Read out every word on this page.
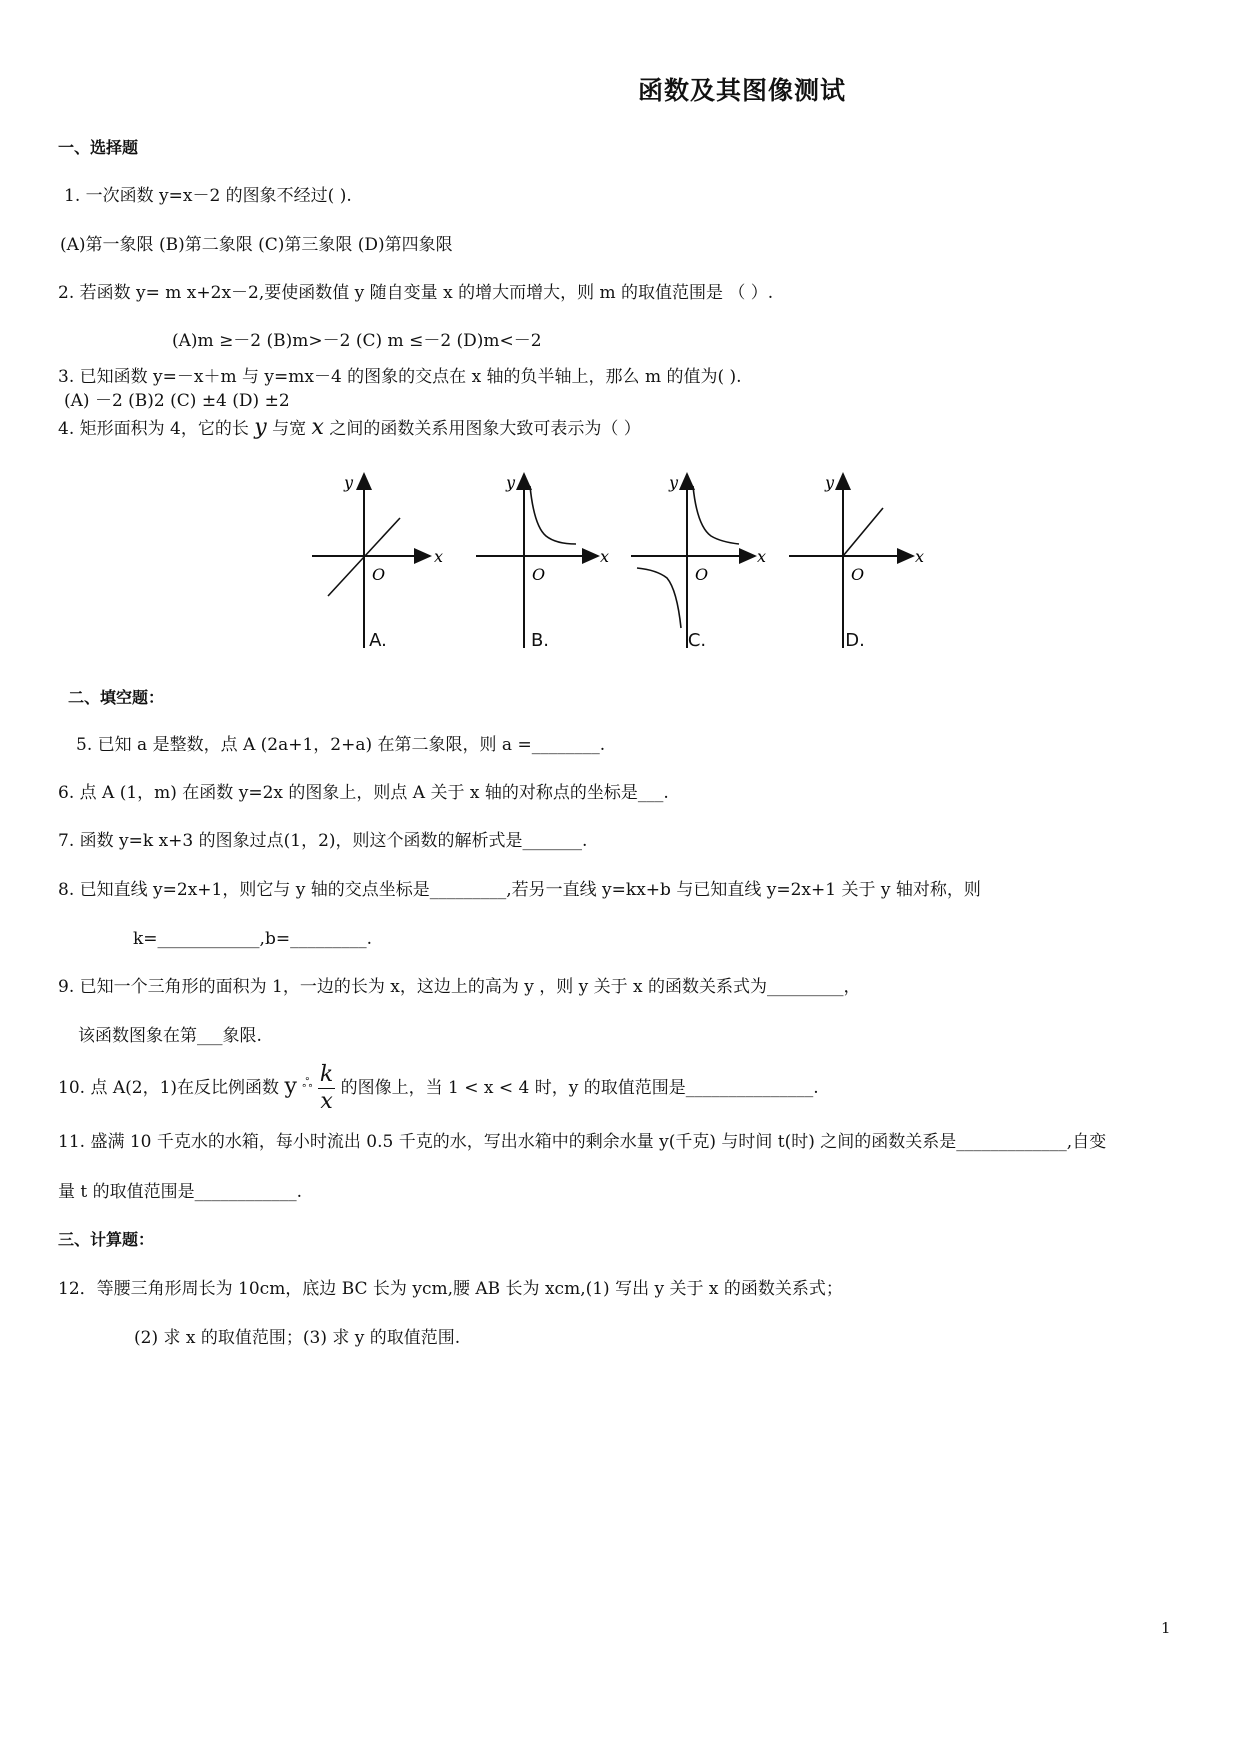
函数及其图像测试
一、选择题
1. 一次函数 y=x－2 的图象不经过( ).
(A)第一象限 (B)第二象限 (C)第三象限 (D)第四象限
2. 若函数 y= m x+2x－2,要使函数值 y 随自变量 x 的增大而增大，则 m 的取值范围是 （ ）.
(A)m ≥－2 (B)m>－2 (C) m ≤－2 (D)m<－2
3. 已知函数 y=－x＋m 与 y=mx－4 的图象的交点在 x 轴的负半轴上，那么 m 的值为( ).
(A) －2 (B)2 (C) ±4 (D) ±2
4. 矩形面积为 4，它的长 y 与宽 x 之间的函数关系用图象大致可表示为（ ）
y
x
O
A.
y
x
O
B.
y
x
O
C.
y
x
O
D.
二、填空题：
5. 已知 a 是整数，点 A (2a+1，2+a) 在第二象限，则 a =________.
6. 点 A (1，m) 在函数 y=2x 的图象上，则点 A 关于 x 轴的对称点的坐标是___.
7. 函数 y=k x+3 的图象过点(1，2)，则这个函数的解析式是_______.
8. 已知直线 y=2x+1，则它与 y 轴的交点坐标是_________,若另一直线 y=kx+b 与已知直线 y=2x+1 关于 y 轴对称，则
k=____________,b=_________.
9. 已知一个三角形的面积为 1，一边的长为 x，这边上的高为 y ，则 y 关于 x 的函数关系式为_________，
该函数图象在第___象限.
10. 点 A(2，1)在反比例函数 y $^ஃ \frac{k}{x}$ 的图像上，当 1 < x < 4 时，y 的取值范围是_______________.
11. 盛满 10 千克水的水箱，每小时流出 0.5 千克的水，写出水箱中的剩余水量 y(千克) 与时间 t(时) 之间的函数关系是_____________,自变
量 t 的取值范围是____________.
三、计算题：
12．等腰三角形周长为 10cm，底边 BC 长为 ycm,腰 AB 长为 xcm,(1) 写出 y 关于 x 的函数关系式；
(2) 求 x 的取值范围；(3) 求 y 的取值范围.
1
